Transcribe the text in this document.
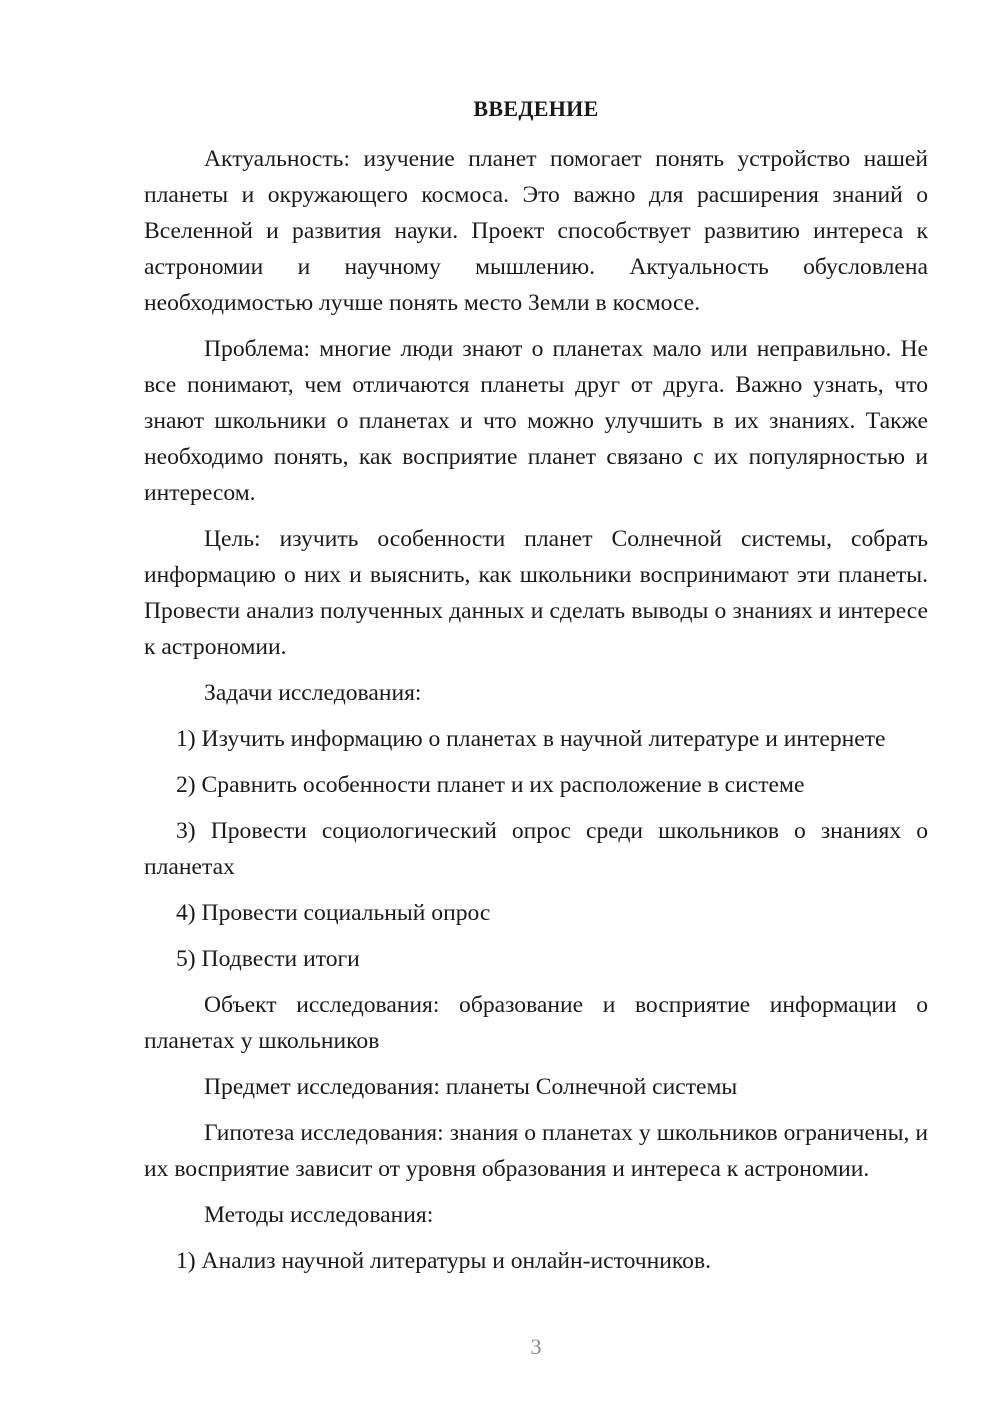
ВВЕДЕНИЕ

Актуальность: изучение планет помогает понять устройство нашей планеты и окружающего космоса. Это важно для расширения знаний о Вселенной и развития науки. Проект способствует развитию интереса к астрономии и научному мышлению. Актуальность обусловлена необходимостью лучше понять место Земли в космосе.

Проблема: многие люди знают о планетах мало или неправильно. Не все понимают, чем отличаются планеты друг от друга. Важно узнать, что знают школьники о планетах и что можно улучшить в их знаниях. Также необходимо понять, как восприятие планет связано с их популярностью и интересом.

Цель: изучить особенности планет Солнечной системы, собрать информацию о них и выяснить, как школьники воспринимают эти планеты. Провести анализ полученных данных и сделать выводы о знаниях и интересе к астрономии.

Задачи исследования:

1) Изучить информацию о планетах в научной литературе и интернете

2) Сравнить особенности планет и их расположение в системе

3) Провести социологический опрос среди школьников о знаниях о планетах

4) Провести социальный опрос

5) Подвести итоги

Объект исследования: образование и восприятие информации о планетах у школьников

Предмет исследования: планеты Солнечной системы

Гипотеза исследования: знания о планетах у школьников ограничены, и их восприятие зависит от уровня образования и интереса к астрономии.

Методы исследования:

1) Анализ научной литературы и онлайн-источников.

3
